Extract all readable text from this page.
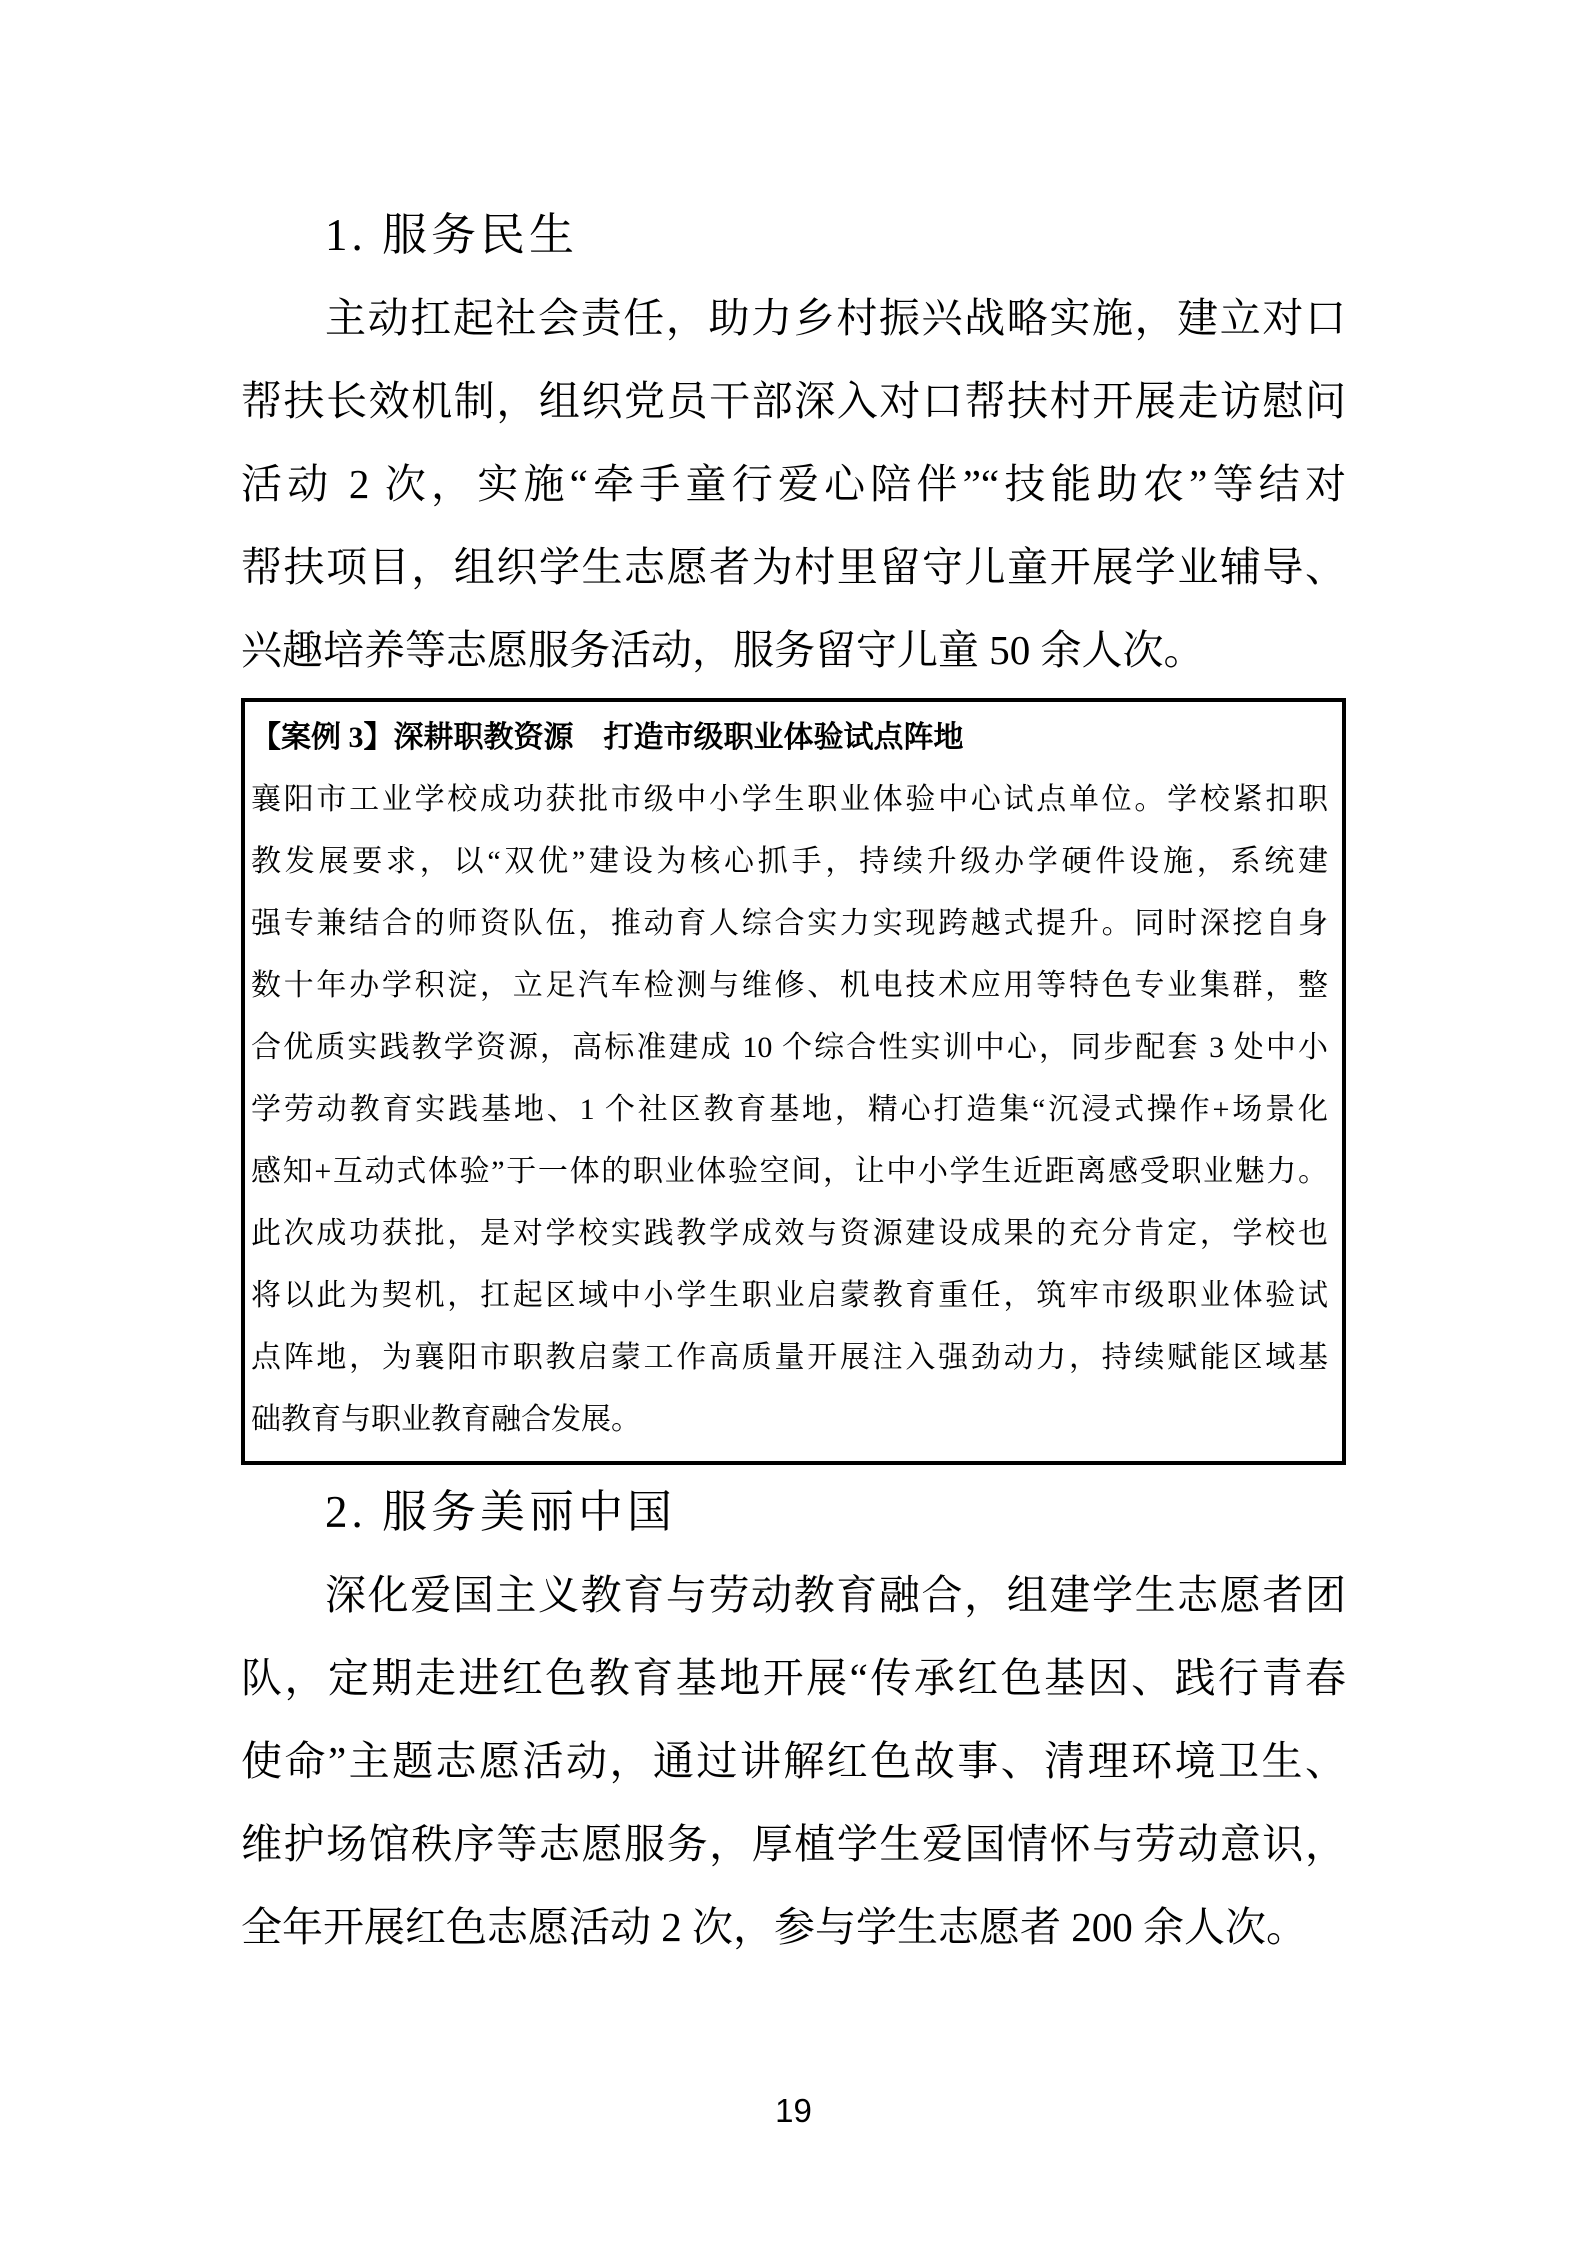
1. 服务民生
主动扛起社会责任，助力乡村振兴战略实施，建立对口
帮扶长效机制，组织党员干部深入对口帮扶村开展走访慰问
活动 2 次，实施“牵手童行爱心陪伴”“技能助农”等结对
帮扶项目，组织学生志愿者为村里留守儿童开展学业辅导、
兴趣培养等志愿服务活动，服务留守儿童 50 余人次。
【案例 3】深耕职教资源　打造市级职业体验试点阵地
襄阳市工业学校成功获批市级中小学生职业体验中心试点单位。学校紧扣职
教发展要求，以“双优”建设为核心抓手，持续升级办学硬件设施，系统建
强专兼结合的师资队伍，推动育人综合实力实现跨越式提升。同时深挖自身
数十年办学积淀，立足汽车检测与维修、机电技术应用等特色专业集群，整
合优质实践教学资源，高标准建成 10 个综合性实训中心，同步配套 3 处中小
学劳动教育实践基地、1 个社区教育基地，精心打造集“沉浸式操作+场景化
感知+互动式体验”于一体的职业体验空间，让中小学生近距离感受职业魅力。
此次成功获批，是对学校实践教学成效与资源建设成果的充分肯定，学校也
将以此为契机，扛起区域中小学生职业启蒙教育重任，筑牢市级职业体验试
点阵地，为襄阳市职教启蒙工作高质量开展注入强劲动力，持续赋能区域基
础教育与职业教育融合发展。
2. 服务美丽中国
深化爱国主义教育与劳动教育融合，组建学生志愿者团
队，定期走进红色教育基地开展“传承红色基因、践行青春
使命”主题志愿活动，通过讲解红色故事、清理环境卫生、
维护场馆秩序等志愿服务，厚植学生爱国情怀与劳动意识，
全年开展红色志愿活动 2 次，参与学生志愿者 200 余人次。
19
